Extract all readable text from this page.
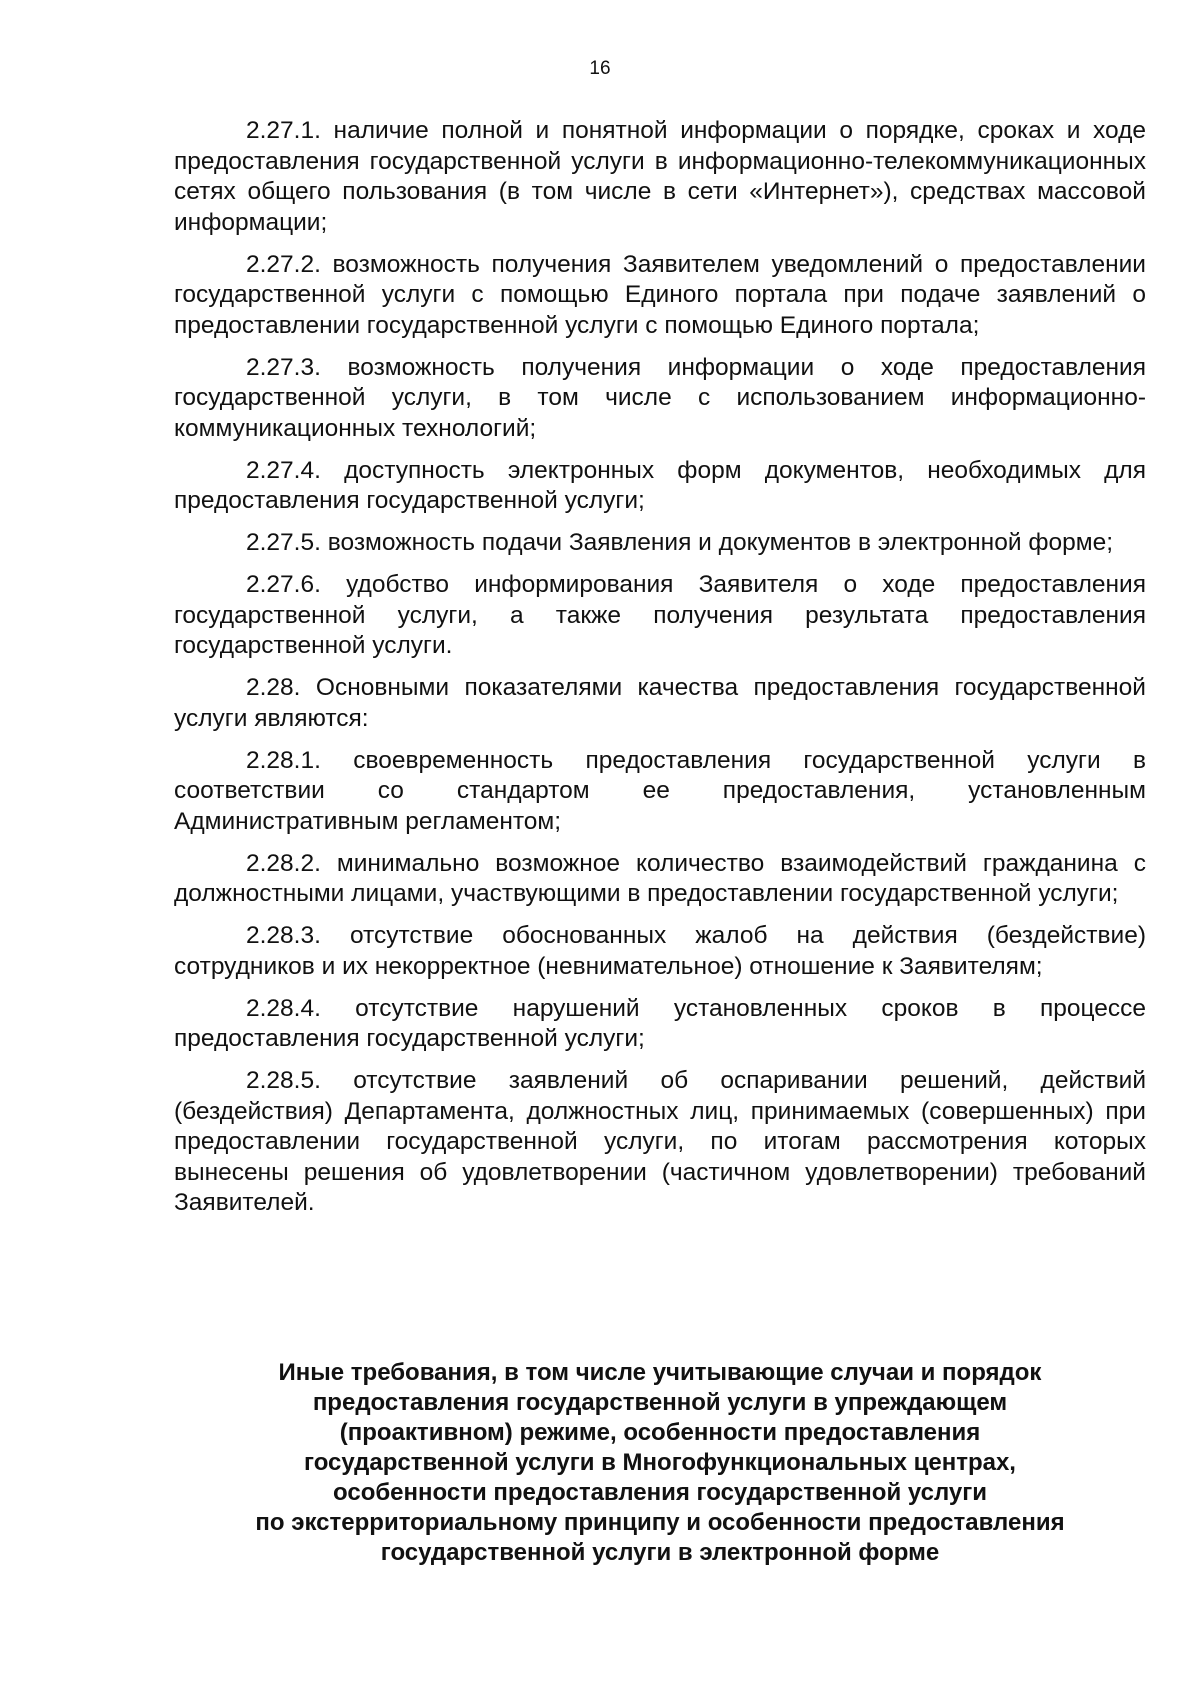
16

2.27.1. наличие полной и понятной информации о порядке, сроках и ходе предоставления государственной услуги в информационно-телекоммуникационных сетях общего пользования (в том числе в сети «Интернет»), средствах массовой информации;

2.27.2. возможность получения Заявителем уведомлений о предоставлении государственной услуги с помощью Единого портала при подаче заявлений о предоставлении государственной услуги с помощью Единого портала;

2.27.3. возможность получения информации о ходе предоставления государственной услуги, в том числе с использованием информационно-коммуникационных технологий;

2.27.4. доступность электронных форм документов, необходимых для предоставления государственной услуги;

2.27.5. возможность подачи Заявления и документов в электронной форме;

2.27.6. удобство информирования Заявителя о ходе предоставления государственной услуги, а также получения результата предоставления государственной услуги.

2.28. Основными показателями качества предоставления государственной услуги являются:

2.28.1. своевременность предоставления государственной услуги в соответствии со стандартом ее предоставления, установленным Административным регламентом;

2.28.2. минимально возможное количество взаимодействий гражданина с должностными лицами, участвующими в предоставлении государственной услуги;

2.28.3. отсутствие обоснованных жалоб на действия (бездействие) сотрудников и их некорректное (невнимательное) отношение к Заявителям;

2.28.4. отсутствие нарушений установленных сроков в процессе предоставления государственной услуги;

2.28.5. отсутствие заявлений об оспаривании решений, действий (бездействия) Департамента, должностных лиц, принимаемых (совершенных) при предоставлении государственной услуги, по итогам рассмотрения которых вынесены решения об удовлетворении (частичном удовлетворении) требований Заявителей.

Иные требования, в том числе учитывающие случаи и порядок
предоставления государственной услуги в упреждающем
(проактивном) режиме, особенности предоставления
государственной услуги в Многофункциональных центрах,
особенности предоставления государственной услуги
по экстерриториальному принципу и особенности предоставления
государственной услуги в электронной форме
